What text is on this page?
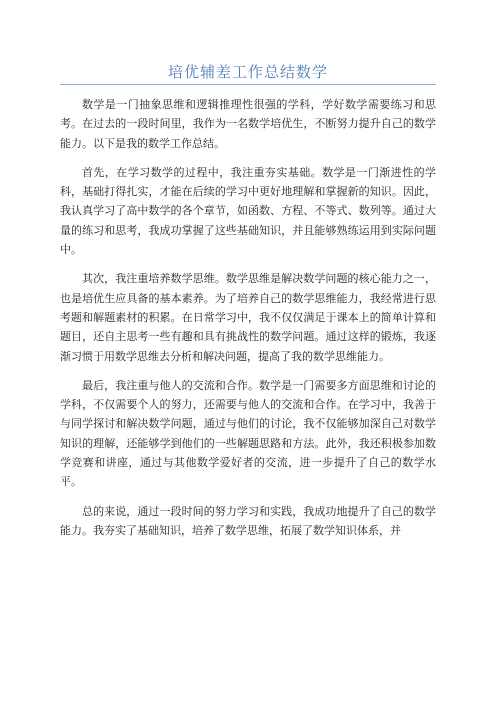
培优辅差工作总结数学

数学是一门抽象思维和逻辑推理性很强的学科，学好数学需要练习和思考。在过去的一段时间里，我作为一名数学培优生，不断努力提升自己的数学能力。以下是我的数学工作总结。

首先，在学习数学的过程中，我注重夯实基础。数学是一门渐进性的学科，基础打得扎实，才能在后续的学习中更好地理解和掌握新的知识。因此，我认真学习了高中数学的各个章节，如函数、方程、不等式、数列等。通过大量的练习和思考，我成功掌握了这些基础知识，并且能够熟练运用到实际问题中。

其次，我注重培养数学思维。数学思维是解决数学问题的核心能力之一，也是培优生应具备的基本素养。为了培养自己的数学思维能力，我经常进行思考题和解题素材的积累。在日常学习中，我不仅仅满足于课本上的简单计算和题目，还自主思考一些有趣和具有挑战性的数学问题。通过这样的锻炼，我逐渐习惯于用数学思维去分析和解决问题，提高了我的数学思维能力。

最后，我注重与他人的交流和合作。数学是一门需要多方面思维和讨论的学科，不仅需要个人的努力，还需要与他人的交流和合作。在学习中，我善于与同学探讨和解决数学问题，通过与他们的讨论，我不仅能够加深自己对数学知识的理解，还能够学到他们的一些解题思路和方法。此外，我还积极参加数学竞赛和讲座，通过与其他数学爱好者的交流，进一步提升了自己的数学水平。

总的来说，通过一段时间的努力学习和实践，我成功地提升了自己的数学能力。我夯实了基础知识，培养了数学思维，拓展了数学知识体系，并
